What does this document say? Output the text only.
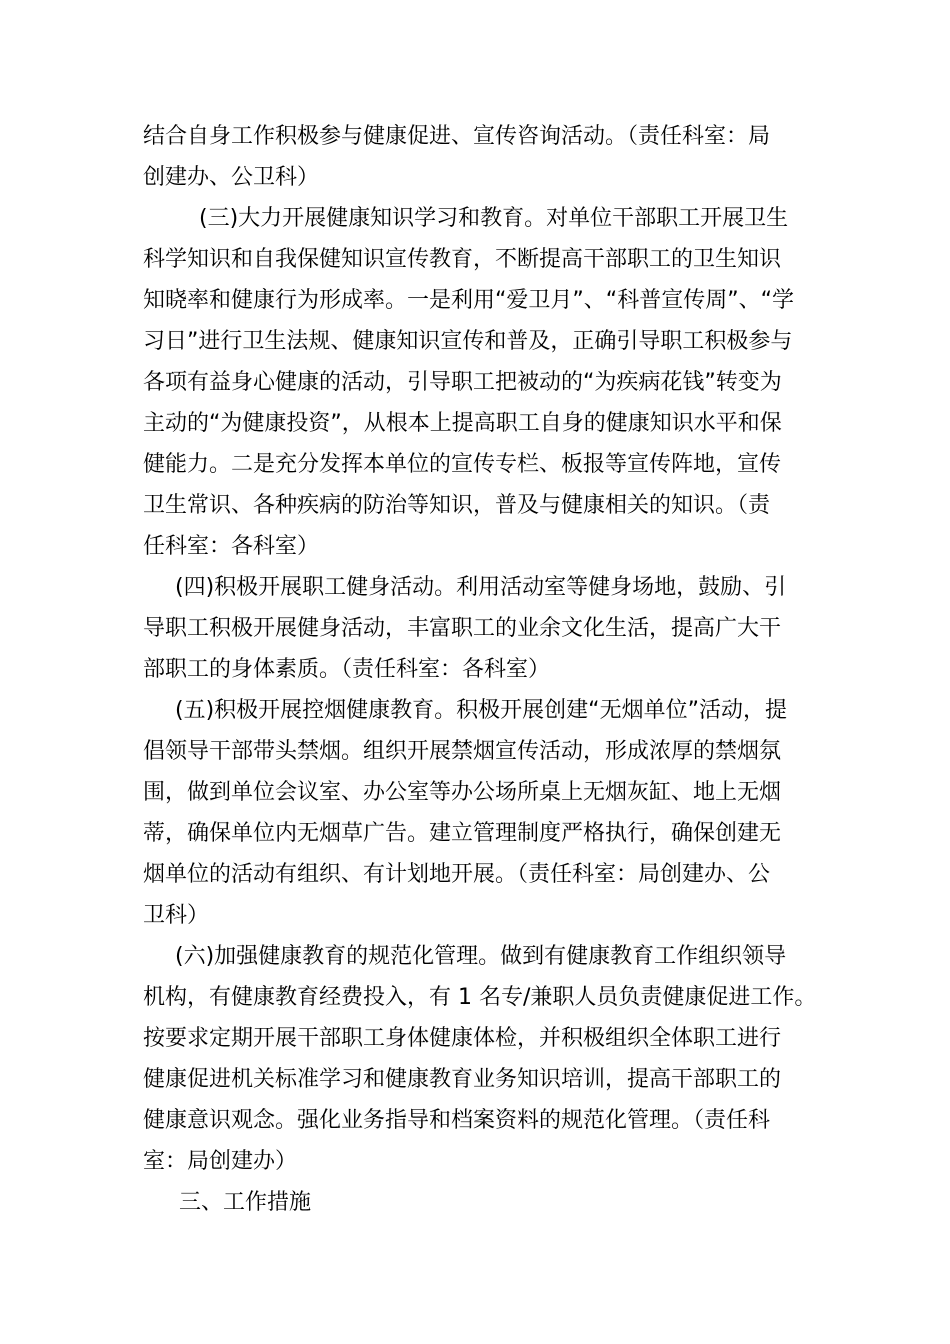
结合自身工作积极参与健康促进、宣传咨询活动。（责任科室：局
创建办、公卫科）
(三)大力开展健康知识学习和教育。对单位干部职工开展卫生
科学知识和自我保健知识宣传教育，不断提高干部职工的卫生知识
知晓率和健康行为形成率。一是利用“爱卫月”、“科普宣传周”、“学
习日”进行卫生法规、健康知识宣传和普及，正确引导职工积极参与
各项有益身心健康的活动，引导职工把被动的“为疾病花钱”转变为
主动的“为健康投资”，从根本上提高职工自身的健康知识水平和保
健能力。二是充分发挥本单位的宣传专栏、板报等宣传阵地，宣传
卫生常识、各种疾病的防治等知识，普及与健康相关的知识。（责
任科室：各科室）
(四)积极开展职工健身活动。利用活动室等健身场地，鼓励、引
导职工积极开展健身活动，丰富职工的业余文化生活，提高广大干
部职工的身体素质。（责任科室：各科室）
(五)积极开展控烟健康教育。积极开展创建“无烟单位”活动，提
倡领导干部带头禁烟。组织开展禁烟宣传活动，形成浓厚的禁烟氛
围，做到单位会议室、办公室等办公场所桌上无烟灰缸、地上无烟
蒂，确保单位内无烟草广告。建立管理制度严格执行，确保创建无
烟单位的活动有组织、有计划地开展。（责任科室：局创建办、公
卫科）
(六)加强健康教育的规范化管理。做到有健康教育工作组织领导
机构，有健康教育经费投入，有 1 名专/兼职人员负责健康促进工作。
按要求定期开展干部职工身体健康体检，并积极组织全体职工进行
健康促进机关标准学习和健康教育业务知识培训，提高干部职工的
健康意识观念。强化业务指导和档案资料的规范化管理。（责任科
室：局创建办）
三、工作措施
